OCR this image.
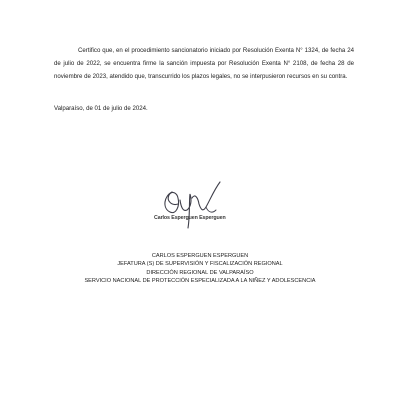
Certifico que, en el procedimiento sancionatorio iniciado por Resolución Exenta N° 1324, de fecha 24 de julio de 2022, se encuentra firme la sanción impuesta por Resolución Exenta N° 2108, de fecha 28 de noviembre de 2023, atendido que, transcurrido los plazos legales, no se interpusieron recursos en su contra.

Valparaíso, de 01 de julio de 2024.
Carlos Esperguen Esperguen
CARLOS ESPERGUEN ESPERGUEN
JEFATURA (S) DE SUPERVISIÓN Y FISCALIZACIÓN REGIONAL
DIRECCIÓN REGIONAL DE VALPARAÍSO
SERVICIO NACIONAL DE PROTECCIÓN ESPECIALIZADA A LA NIÑEZ Y ADOLESCENCIA
